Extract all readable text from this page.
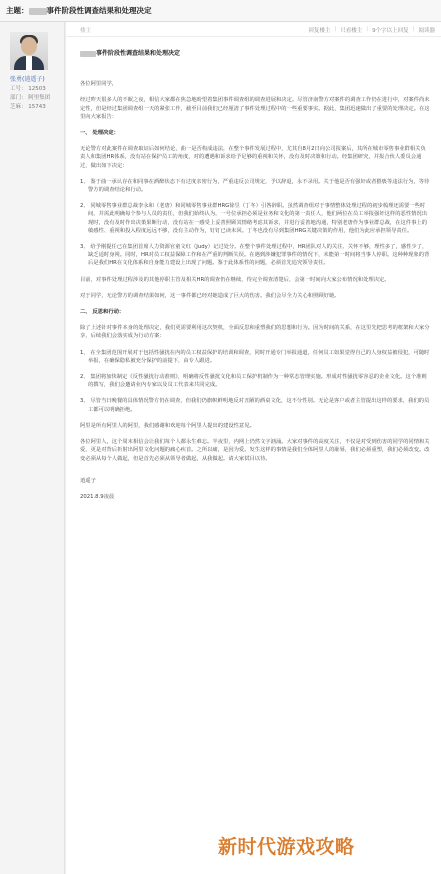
主题： 事件阶段性调查结果和处理决定
张勇(逍遥子)
工号： 12503
部门： 阿里集团
芝麻： 15743
楼主	回复楼主 | 只看楼主 | 9个字以上回复 | 阅读器

事件阶段性调查结果和处理决定

各位阿里同学，

经过昨天很多人的不眠之夜，相信大家都在焦急地盼望着集团事件调查组的调查进展和决定。尽管济南警方对案件的调查工作仍在进行中，对案件尚未定性，但是经过集团调查组一天的紧张工作，截至目前我们已经厘清了事件处理过程中的一些重要事实。据此，集团迅速做出了重要的处理决定。在这里向大家报告：

一、 处理决定：

无论警方对此案件在调查取证后如何结论，曲一是否构成违法，在整个事件发展过程中，尤其自8月2日向公司报案后，其所在城市零售事业群相关负责人和集团HR体系，没有站在保护员工的角度，对的遭遇和诉求给予足够的重视和关怀，没有及时决策和行动。经集团研究，并报合伙人委员会通过，做出如下决定：

1、 鉴于曲一承认存在和同事在酒醉状态下有过度亲密行为，严重违反公司规定，予以辞退，永不录用。关于他是否有强奸或者猥亵等违法行为，等待警方的调查结论和行动。

2、 同城零售事业群总裁李永和（老唐）和同城零售事业群HRG徐昱（丁冬）引咎辞职。虽然调查组对于事情整体处理过程的初步梳理还需要一些时间，并需此明确每个参与人员的责任，但我们始终认为，一号位承担必须是业务和文化的第一责任人，他们两位在员工举报强奸这样的恶性情况出现时，没有及时作出决策果断行动，没有站在一感受上妥善照顾其情绪考虑其诉求，并进行妥善地沟通，特别老唐作为事业群总裁，在这件事上的敏感性、重视和投入程度远远不够，没有主动作为，钉钉已读未回。丁冬也没有尽到集团HRG关键决策的作用，他们为此应承担领导责任。

3、 给予刚提任已在集团首席人力资源官童文红（Judy）记过处分。在整个事件处理过程中，HR团队对人的关注、关怀不够，理性多了，感性少了，缺乏适时身视。同时，HR对员工权益保障工作和在严重的判断失误。在遇到涉嫌犯罪事件的情况下，未能第一时间将当事人停职。这种种现象的背后是我们HR在文化体系和自身能力建设上出现了问题。鉴于此体系性的问题，必须首先追究领导责任。

目前，对事件处理过程涉及的其他停职主管及相关HR的调查仍在继续，待完全调查清楚后，会第一时间向大家公布情况和处理决定。

对于同学，无论警方的调查结果如何，这一事件都已经对她造成了巨大的伤害。我们会尽全力关心和照顾好她。

二、 反思和行动：

除了上述针对事件本身的处理决定，我们更需要利用这次契机，全面反思和重塑我们的思想和行为。因为时间的关系，在这里先把思考的框架和大家分享，后续我们会落实成为行动方案：

1、 在全集团范围开展对于包括性骚扰在内的员工权益保护的培训和调查，同时开通专门举报通道，任何员工如果觉得自己的人身权益被侵犯，可随时举报，在确保隐私被充分保护的前提下，由专人跟进。

2、 集团将加快制定《反性骚扰行动准则》，明确将反性骚扰文化和员工保护机制作为一种常态管理实施。形成对性骚扰零容忍的企业文化。这个准则的撰写，我们会邀请业内专家以及员工代表来共同完成。

3、 尽管当日晚餐的具体情况警方仍在调查，但我们仍旗帜鲜明地反对丑陋的酒桌文化，这不分性别。无论是客户或者主管提出这样的要求，我们的员工都可以明确拒绝。

阿里是所有阿里人的阿里，我们感谢和欢迎每个阿里人提出的建设性意见。

各位阿里人，这个周末相信会让我们每个人都永生难忘。半夜里，内网上仍然文字汹涌。大家对事件的高度关注，不仅是对受到伤害的同学的同情和关爱，更是对背后折射出阿里文化问题的痛心疾首。之所以痛，是因为爱。发生这样的事情是我们全体阿里人的耻辱，我们必须重塑，我们必须改变。改变必须从每个人做起，但是首先必须从领导者做起，从我做起。请大家拭目以待。

逍遥子

2021.8.9凌晨

新时代游戏攻略
